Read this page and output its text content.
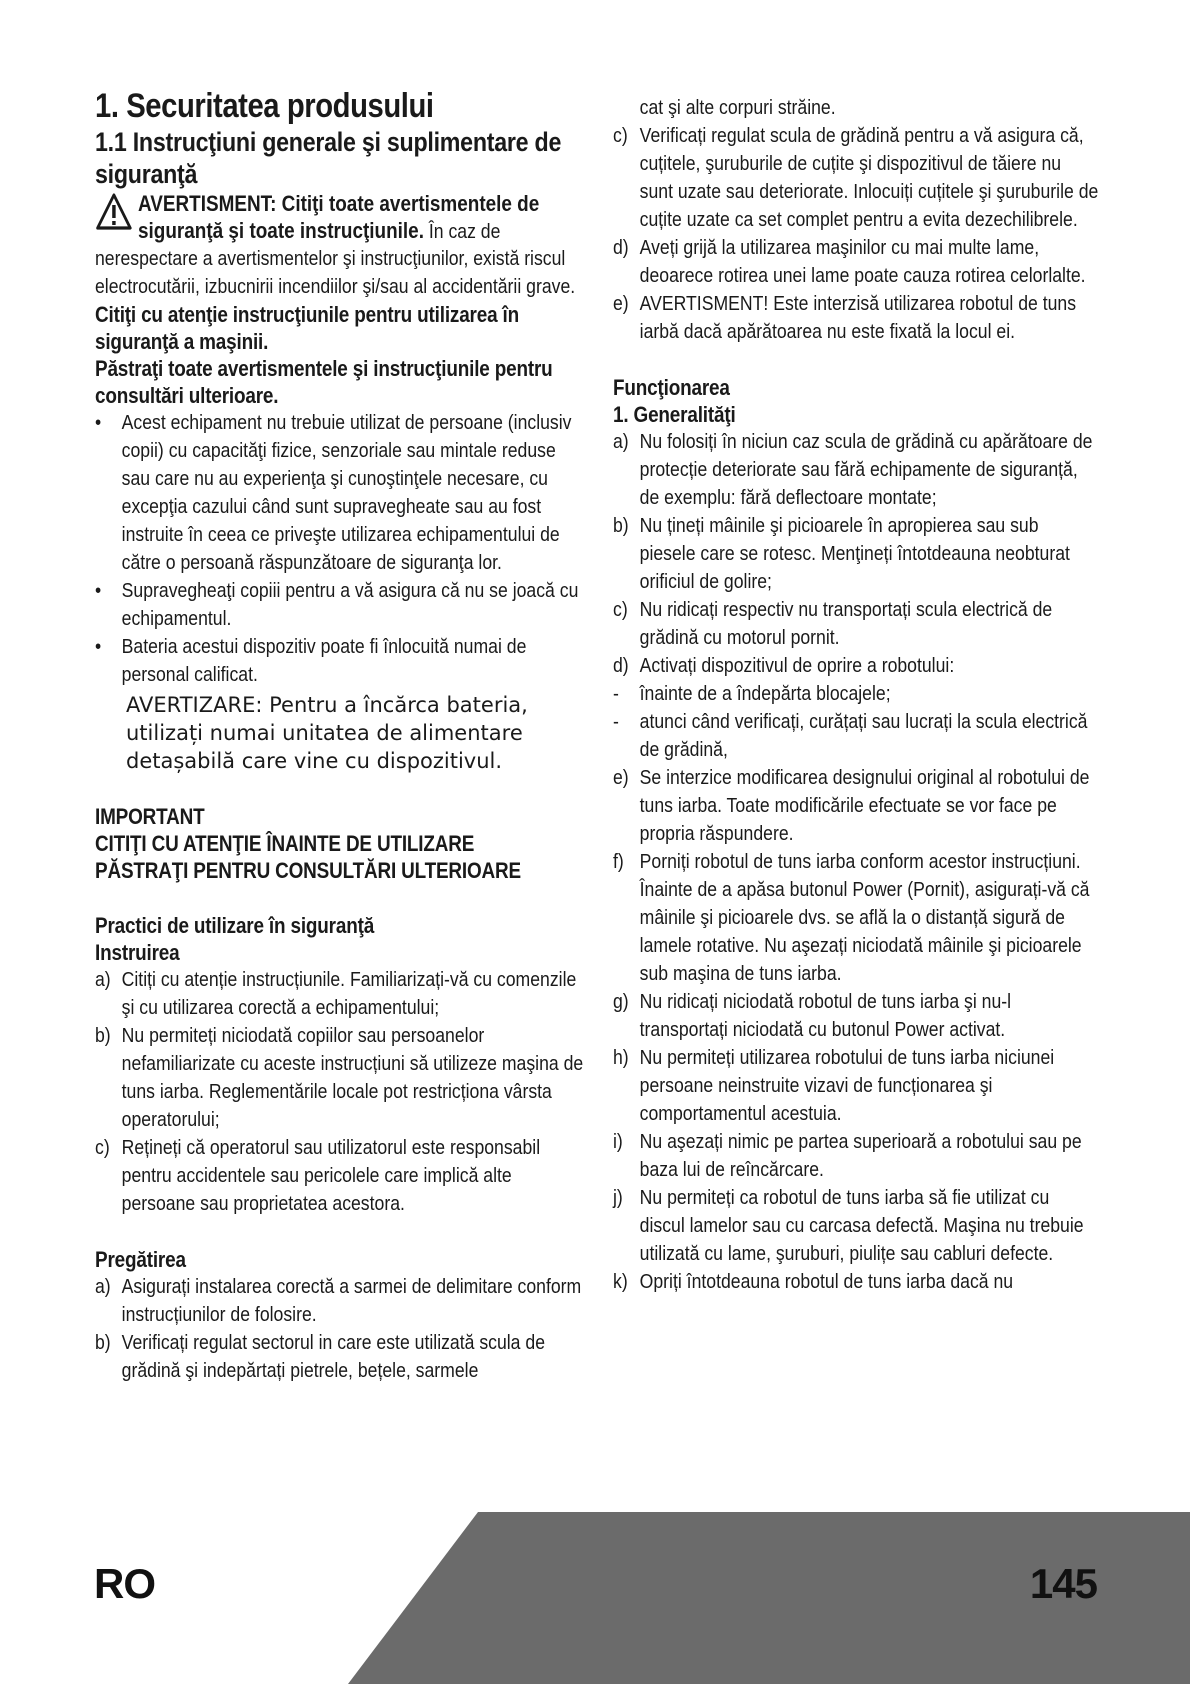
1. Securitatea produsului

1.1 Instrucţiuni generale şi suplimentare de siguranţă

AVERTISMENT: Citiţi toate avertismentele de siguranţă şi toate instrucţiunile. În caz de

nerespectare a avertismentelor şi instrucţiunilor, există riscul electrocutării, izbucnirii incendiilor şi/sau al accidentării grave.

Citiţi cu atenţie instrucţiunile pentru utilizarea în siguranţă a maşinii.

Păstraţi toate avertismentele şi instrucţiunile pentru consultări ulterioare.

• Acest echipament nu trebuie utilizat de persoane (inclusiv copii) cu capacităţi fizice, senzoriale sau mintale reduse sau care nu au experienţa şi cunoştinţele necesare, cu excepţia cazului când sunt supravegheate sau au fost instruite în ceea ce priveşte utilizarea echipamentului de către o persoană răspunzătoare de siguranţa lor.
• Supravegheaţi copiii pentru a vă asigura că nu se joacă cu echipamentul.
• Bateria acestui dispozitiv poate fi înlocuită numai de personal calificat.

AVERTIZARE: Pentru a încărca bateria, utilizați numai unitatea de alimentare detașabilă care vine cu dispozitivul.

IMPORTANT

CITIŢI CU ATENŢIE ÎNAINTE DE UTILIZARE

PĂSTRAŢI PENTRU CONSULTĂRI ULTERIOARE

Practici de utilizare în siguranţă

Instruirea

a) Citiți cu atenție instrucțiunile. Familiarizați-vă cu comenzile şi cu utilizarea corectă a echipamentului;
b) Nu permiteți niciodată copiilor sau persoanelor nefamiliarizate cu aceste instrucțiuni să utilizeze maşina de tuns iarba. Reglementările locale pot restricționa vârsta operatorului;
c) Rețineți că operatorul sau utilizatorul este responsabil pentru accidentele sau pericolele care implică alte persoane sau proprietatea acestora.

Pregătirea

a) Asigurați instalarea corectă a sarmei de delimitare conform instrucțiunilor de folosire.
b) Verificați regulat sectorul in care este utilizată scula de grădină şi indepărtați pietrele, bețele, sarmele

cat şi alte corpuri străine.

c) Verificați regulat scula de grădină pentru a vă asigura că, cuțitele, şuruburile de cuțite şi dispozitivul de tăiere nu sunt uzate sau deteriorate. Inlocuiți cuțitele şi şuruburile de cuțite uzate ca set complet pentru a evita dezechilibrele.
d) Aveți grijă la utilizarea maşinilor cu mai multe lame, deoarece rotirea unei lame poate cauza rotirea celorlalte.
e) AVERTISMENT! Este interzisă utilizarea robotul de tuns iarbă dacă apărătoarea nu este fixată la locul ei.

Funcţionarea

1. Generalităţi

a) Nu folosiți în niciun caz scula de grădină cu apărătoare de protecție deteriorate sau fără echipamente de siguranță, de exemplu: fără deflectoare montate;
b) Nu țineți mâinile şi picioarele în apropierea sau sub piesele care se rotesc. Menţineți întotdeauna neobturat orificiul de golire;
c) Nu ridicați respectiv nu transportați scula electrică de grădină cu motorul pornit.
d) Activați dispozitivul de oprire a robotului:
- înainte de a îndepărta blocajele;
- atunci când verificați, curățați sau lucrați la scula electrică de grădină,
e) Se interzice modificarea designului original al robotului de tuns iarba. Toate modificările efectuate se vor face pe propria răspundere.
f) Porniți robotul de tuns iarba conform acestor instrucțiuni. Înainte de a apăsa butonul Power (Pornit), asigurați-vă că mâinile şi picioarele dvs. se află la o distanță sigură de lamele rotative. Nu aşezați niciodată mâinile şi picioarele sub maşina de tuns iarba.
g) Nu ridicați niciodată robotul de tuns iarba şi nu-l transportați niciodată cu butonul Power activat.
h) Nu permiteți utilizarea robotului de tuns iarba niciunei persoane neinstruite vizavi de funcționarea şi comportamentul acestuia.
i) Nu aşezați nimic pe partea superioară a robotului sau pe baza lui de reîncărcare.
j) Nu permiteți ca robotul de tuns iarba să fie utilizat cu discul lamelor sau cu carcasa defectă. Maşina nu trebuie utilizată cu lame, şuruburi, piulițe sau cabluri defecte.
k) Opriți întotdeauna robotul de tuns iarba dacă nu
RO	145
